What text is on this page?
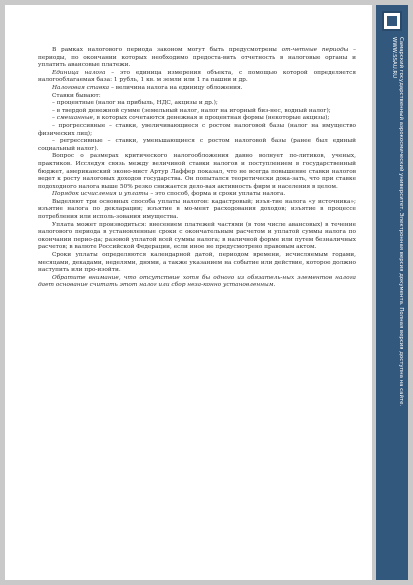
В рамках налогового периода законом могут быть предусмотрены от-четные периоды – периоды, по окончании которых необходимо предоста-вить отчетность в налоговые органы и уплатить авансовые платежи.

Единица налога – это единица измерения объекта, с помощью которой определяется налогооблагаемая база: 1 рубль, 1 кв. м земли или 1 га пашни и др.

Налоговая ставка – величина налога на единицу обложения.

Ставки бывают:

– процентные (налог на прибыль, НДС, акцизы и др.);

– в твердой денежной сумме (земельный налог, налог на игорный биз-нес, водный налог);

– смешанные, в которых сочетаются денежная и процентная формы (некоторые акцизы);

– прогрессивные – ставки, увеличивающиеся с ростом налоговой базы (налог на имущество физических лиц);

– регрессивные – ставки, уменьшающиеся с ростом налоговой базы (ранее был единый социальный налог).

Вопрос о размерах критического налогообложения давно волнует по-литиков, ученых, практиков. Исследуя связь между величиной ставки налогов и поступлением в государственный бюджет, американский эконо-мист Артур Лаффер показал, что не всегда повышение ставки налогов ведет к росту налоговых доходов государства. Он попытался теоретически дока-зать, что при ставке подоходного налога выше 50% резко снижается дело-вая активность фирм и населения в целом.

Порядок исчисления и уплаты – это способ, форма и сроки уплаты налога.

Выделяют три основных способа уплаты налогов: кадастровый; изъя-тие налога «у источника»; изъятие налога по декларации; изъятие в мо-мент расходования доходов; изъятие в процессе потребления или исполь-зования имущества.

Уплата может производиться: внесением платежей частями (в том числе авансовых) в течение налогового периода в установленные сроки с окончательным расчетом и уплатой суммы налога по окончании перио-да; разовой уплатой всей суммы налога; в наличной форме или путем безналичных расчетов; в валюте Российской Федерации, если иное не предусмотрено правовым актом.

Сроки уплаты определяются календарной датой, периодом времени, исчисляемым годами, месяцами, декадами, неделями, днями, а также указанием на событие или действие, которое должно наступить или про-изойти.

Обратите внимание, что отсутствие хотя бы одного из обязатель-ных элементов налога дает основание считать этот налог или сбор неза-конно установленным.	Самарский государственный аэрокосмический университет. Электронная версия документа. Полная версия доступна на сайте.
WWW.SSAU.RU
